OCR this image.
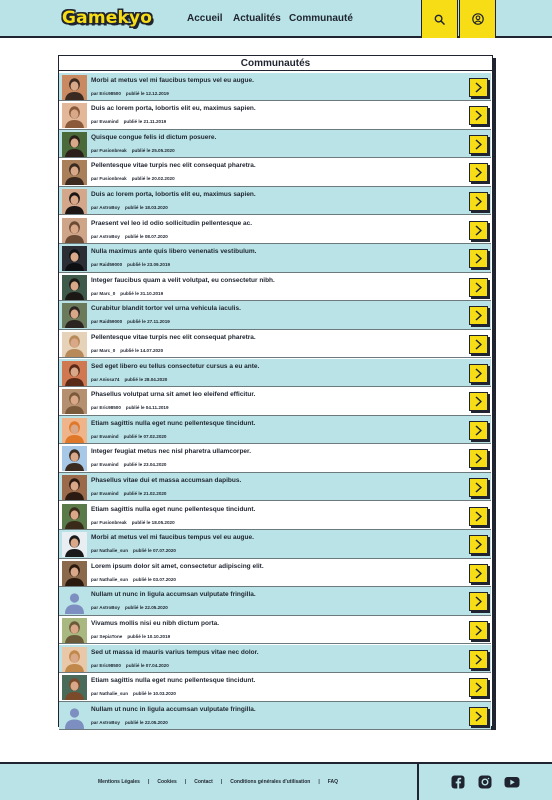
Gamekyo	Accueil Actualités Communauté
Communautés
Morbi at metus vel mi faucibus tempus vel eu augue.
par Eric98500 publié le 12.12.2019
Duis ac lorem porta, lobortis elit eu, maximus sapien.
par Evamind publié le 21.11.2019
Quisque congue felis id dictum posuere.
par Fusionbreak publié le 25.05.2020
Pellentesque vitae turpis nec elit consequat pharetra.
par Fusionbreak publié le 20.02.2020
Duis ac lorem porta, lobortis elit eu, maximus sapien.
par AstroBoy publié le 18.03.2020
Praesent vel leo id odio sollicitudin pellentesque ac.
par AstroBoy publié le 08.07.2020
Nulla maximus ante quis libero venenatis vestibulum.
par Raid59000 publié le 23.09.2019
Integer faucibus quam a velit volutpat, eu consectetur nibh.
par Marc_0 publié le 31.10.2019
Curabitur blandit tortor vel urna vehicula iaculis.
par Raid59000 publié le 27.11.2019
Pellentesque vitae turpis nec elit consequat pharetra.
par Marc_0 publié le 14.07.2020
Sed eget libero eu tellus consectetur cursus a eu ante.
par Anissa74 publié le 28.04.2020
Phasellus volutpat urna sit amet leo eleifend efficitur.
par Eric98500 publié le 04.11.2019
Etiam sagittis nulla eget nunc pellentesque tincidunt.
par Evamind publié le 07.02.2020
Integer feugiat metus nec nisl pharetra ullamcorper.
par Evamind publié le 23.04.2020
Phasellus vitae dui et massa accumsan dapibus.
par Evamind publié le 21.02.2020
Etiam sagittis nulla eget nunc pellentesque tincidunt.
par Fusionbreak publié le 18.05.2020
Morbi at metus vel mi faucibus tempus vel eu augue.
par Nathalie_sun publié le 07.07.2020
Lorem ipsum dolor sit amet, consectetur adipiscing elit.
par Nathalie_sun publié le 03.07.2020
Nullam ut nunc in ligula accumsan vulputate fringilla.
par AstroBoy publié le 22.05.2020
Vivamus mollis nisi eu nibh dictum porta.
par SepiaTone publié le 10.10.2019
Sed ut massa id mauris varius tempus vitae nec dolor.
par Eric98500 publié le 07.04.2020
Etiam sagittis nulla eget nunc pellentesque tincidunt.
par Nathalie_sun publié le 10.03.2020
Nullam ut nunc in ligula accumsan vulputate fringilla.
par AstroBoy publié le 22.05.2020
Mentions Légales | Cookies | Contact | Conditions générales d'utilisation | FAQ
